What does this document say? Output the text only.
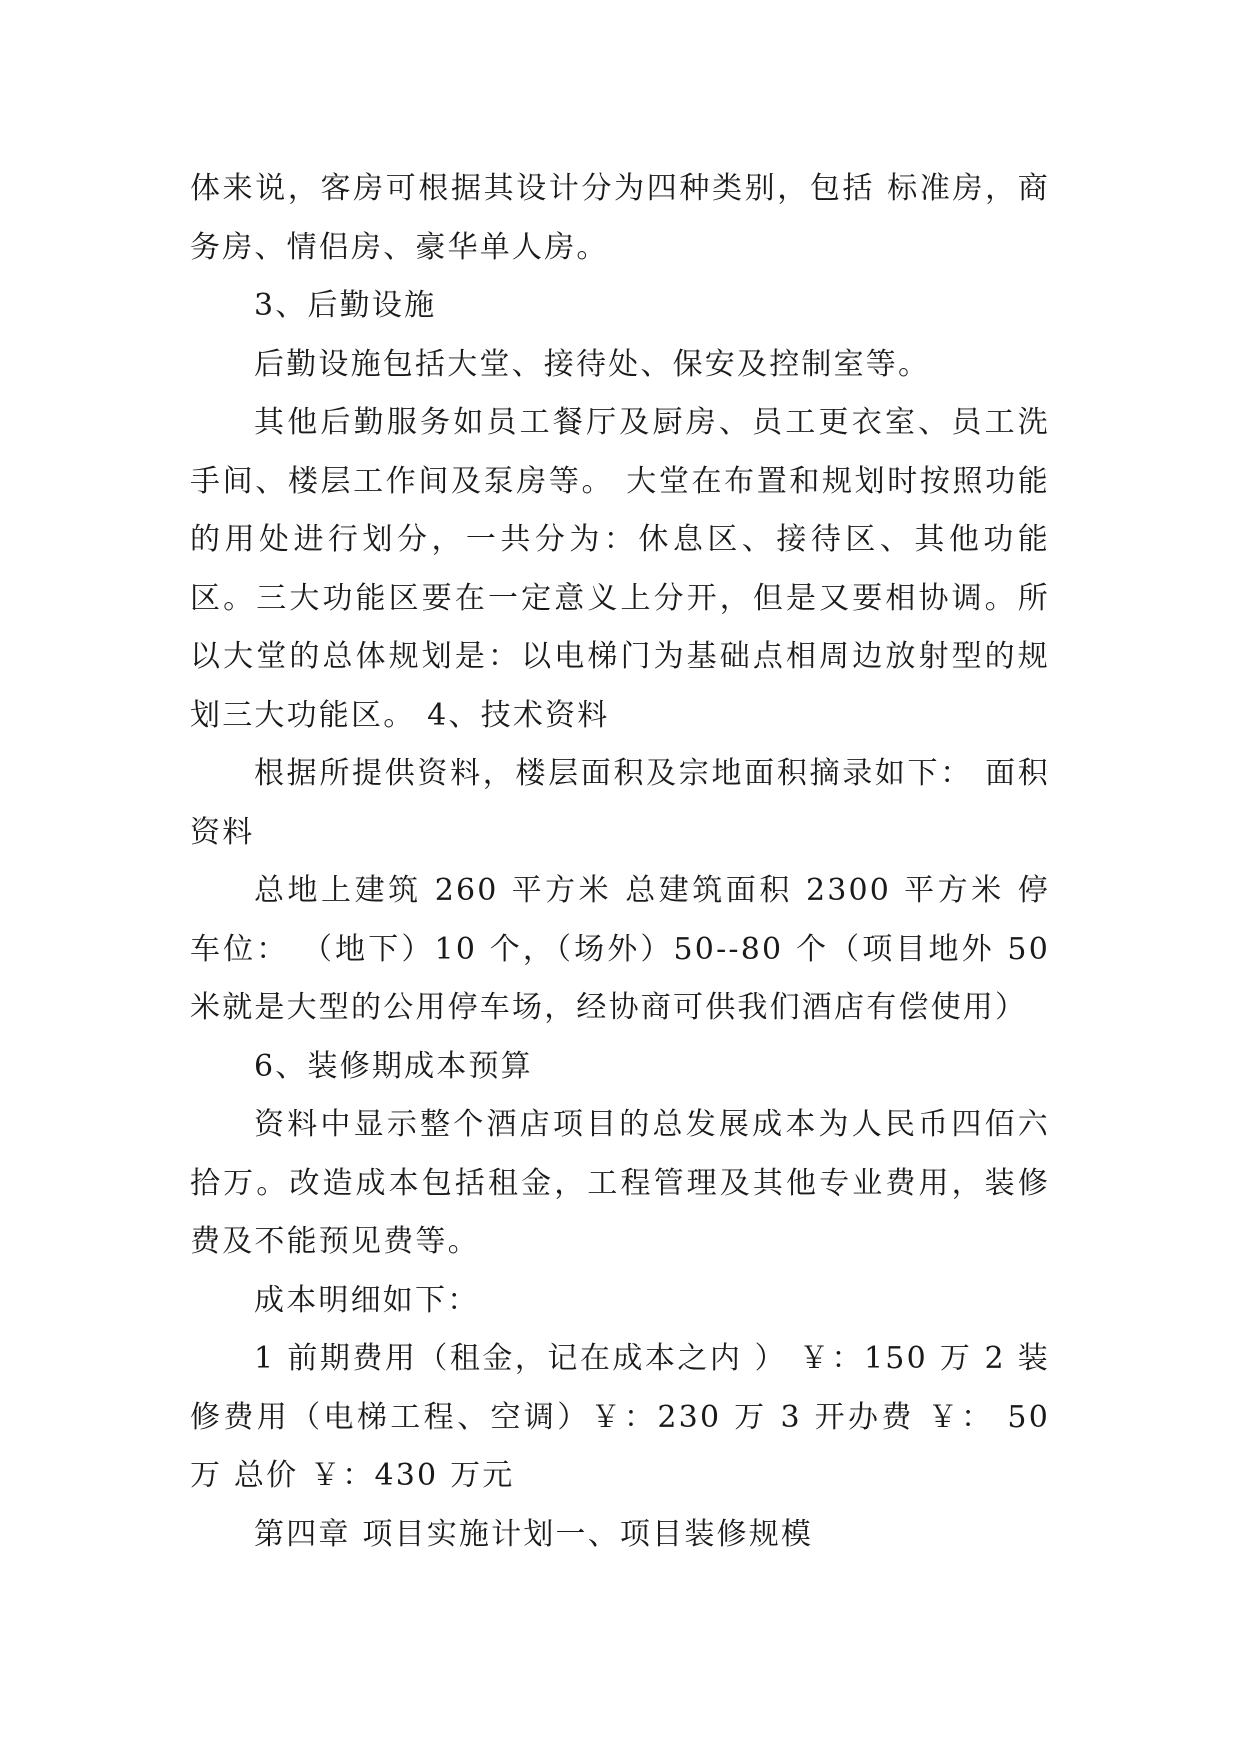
体来说，客房可根据其设计分为四种类别，包括 标准房，商务房、情侣房、豪华单人房。

3、后勤设施

后勤设施包括大堂、接待处、保安及控制室等。

其他后勤服务如员工餐厅及厨房、员工更衣室、员工洗手间、楼层工作间及泵房等。 大堂在布置和规划时按照功能的用处进行划分，一共分为：休息区、接待区、其他功能区。三大功能区要在一定意义上分开，但是又要相协调。所以大堂的总体规划是：以电梯门为基础点相周边放射型的规划三大功能区。 4、技术资料

根据所提供资料，楼层面积及宗地面积摘录如下： 面积资料

总地上建筑 260 平方米 总建筑面积 2300 平方米 停车位： （地下）10 个，（场外）50--80 个（项目地外 50 米就是大型的公用停车场，经协商可供我们酒店有偿使用）

6、装修期成本预算

资料中显示整个酒店项目的总发展成本为人民币四佰六拾万。改造成本包括租金，工程管理及其他专业费用，装修费及不能预见费等。

成本明细如下：

1 前期费用（租金，记在成本之内 ） ￥：150 万 2 装修费用（电梯工程、空调）￥：230 万 3 开办费 ￥： 50 万 总价 ￥：430 万元

第四章 项目实施计划一、项目装修规模
